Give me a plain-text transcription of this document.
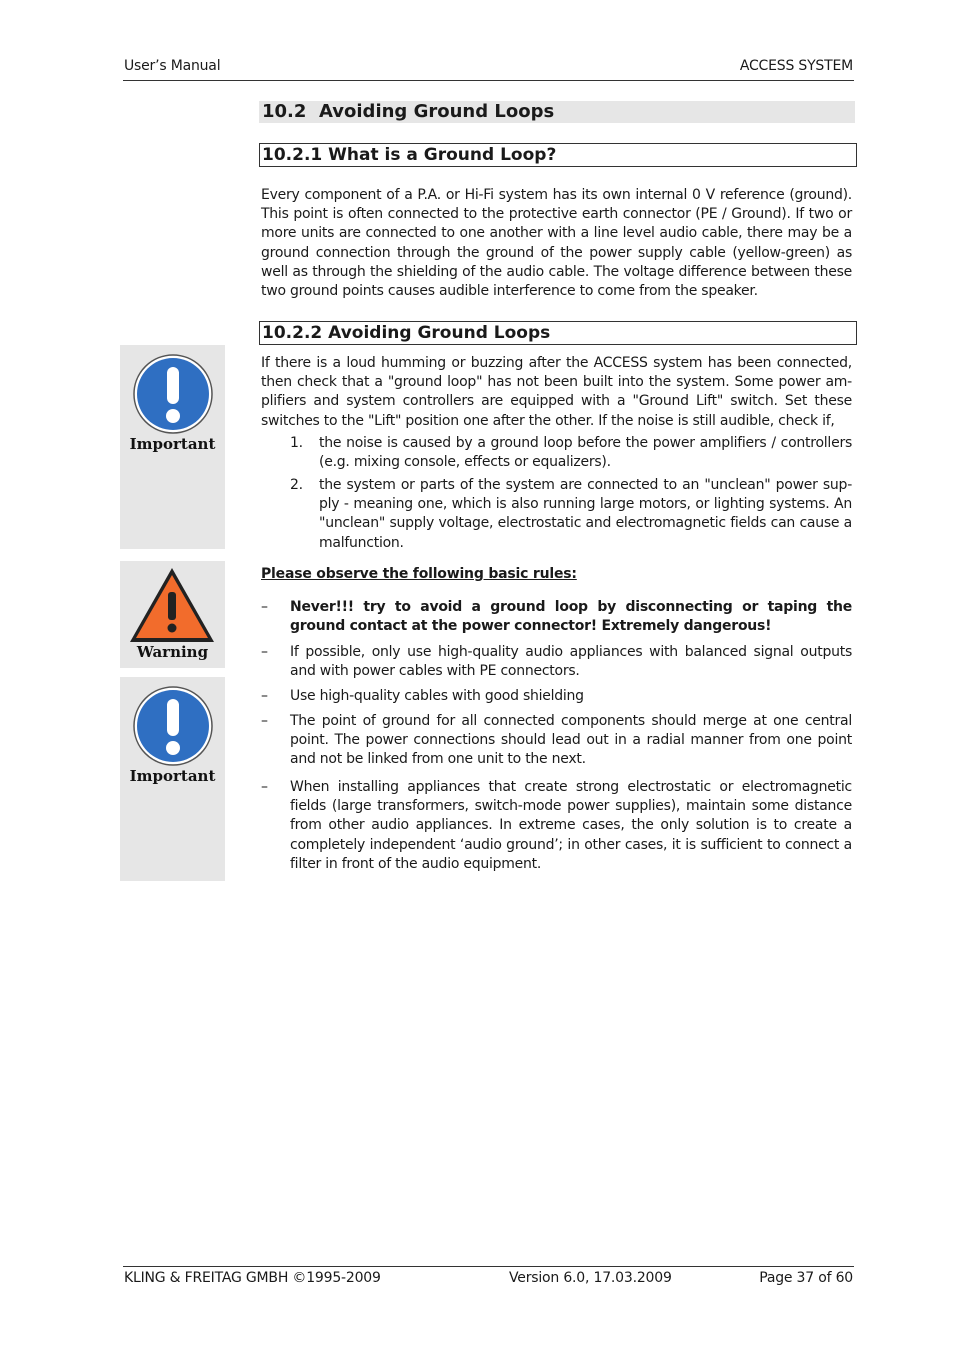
User’s Manual	ACCESS SYSTEM
10.2 Avoiding Ground Loops
10.2.1 What is a Ground Loop?
Every component of a P.A. or Hi-Fi system has its own internal 0 V reference (ground). This point is often connected to the protective earth connector (PE / Ground). If two or more units are connected to one another with a line level audio cable, there may be a ground connection through the ground of the power supply cable (yellow-green) as well as through the shielding of the audio cable. The voltage difference between these two ground points causes audible interference to come from the speaker.
10.2.2 Avoiding Ground Loops
If there is a loud humming or buzzing after the ACCESS system has been connected, then check that a "ground loop" has not been built into the system. Some power am-plifiers and system controllers are equipped with a "Ground Lift" switch. Set these switches to the "Lift" position one after the other. If the noise is still audible, check if,
1. the noise is caused by a ground loop before the power amplifiers / controllers (e.g. mixing console, effects or equalizers).
2. the system or parts of the system are connected to an "unclean" power sup-ply - meaning one, which is also running large motors, or lighting systems. An "unclean" supply voltage, electrostatic and electromagnetic fields can cause a malfunction.
Important
Warning
Important
Please observe the following basic rules:
– Never!!! try to avoid a ground loop by disconnecting or taping the ground contact at the power connector! Extremely dangerous!
– If possible, only use high-quality audio appliances with balanced signal outputs and with power cables with PE connectors.
– Use high-quality cables with good shielding
– The point of ground for all connected components should merge at one central point. The power connections should lead out in a radial manner from one point and not be linked from one unit to the next.
– When installing appliances that create strong electrostatic or electromagnetic fields (large transformers, switch-mode power supplies), maintain some distance from other audio appliances. In extreme cases, the only solution is to create a completely independent ‘audio ground’; in other cases, it is sufficient to connect a filter in front of the audio equipment.
KLING & FREITAG GMBH ©1995-2009	Version 6.0, 17.03.2009	Page 37 of 60
